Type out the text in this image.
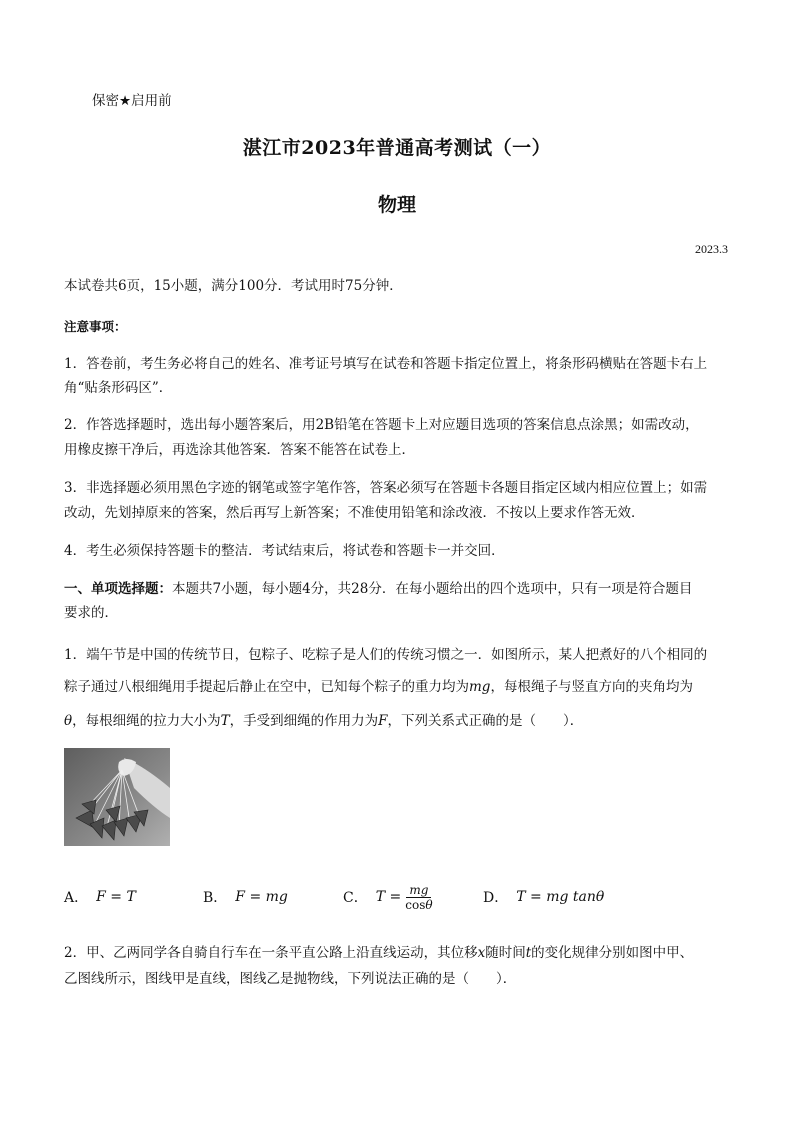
保密★启用前
湛江市2023年普通高考测试（一）
物理
2023.3
本试卷共6页，15小题，满分100分．考试用时75分钟．
注意事项：
1．答卷前，考生务必将自己的姓名、准考证号填写在试卷和答题卡指定位置上，将条形码横贴在答题卡右上
角“贴条形码区”．
2．作答选择题时，选出每小题答案后，用2B铅笔在答题卡上对应题目选项的答案信息点涂黑；如需改动，
用橡皮擦干净后，再选涂其他答案．答案不能答在试卷上．
3．非选择题必须用黑色字迹的钢笔或签字笔作答，答案必须写在答题卡各题目指定区域内相应位置上；如需
改动，先划掉原来的答案，然后再写上新答案；不准使用铅笔和涂改液．不按以上要求作答无效．
4．考生必须保持答题卡的整洁．考试结束后，将试卷和答题卡一并交回．
一、单项选择题：本题共7小题，每小题4分，共28分．在每小题给出的四个选项中，只有一项是符合题目
要求的．
1．端午节是中国的传统节日，包粽子、吃粽子是人们的传统习惯之一．如图所示，某人把煮好的八个相同的
粽子通过八根细绳用手提起后静止在空中，已知每个粽子的重力均为mg，每根绳子与竖直方向的夹角均为
θ，每根细绳的拉力大小为T，手受到细绳的作用力为F，下列关系式正确的是（　　）．
A． F = T	B． F = mg	C． $T = \frac{mg}{\cos\theta}$	D． T = mg tanθ
2．甲、乙两同学各自骑自行车在一条平直公路上沿直线运动，其位移x随时间t的变化规律分别如图中甲、
乙图线所示，图线甲是直线，图线乙是抛物线，下列说法正确的是（　　）．
